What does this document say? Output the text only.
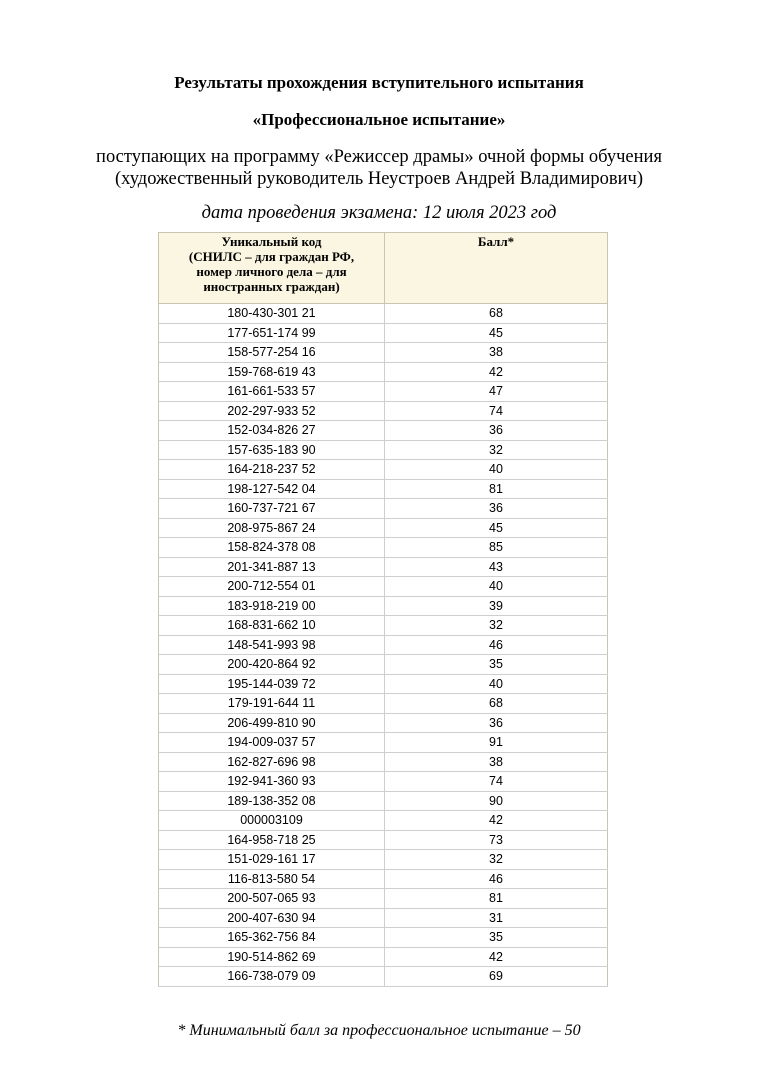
Результаты прохождения вступительного испытания

«Профессиональное испытание»

поступающих на программу «Режиссер драмы» очной формы обучения

(художественный руководитель Неустроев Андрей Владимирович)

дата проведения экзамена: 12 июля 2023 год

Уникальный код
(СНИЛС – для граждан РФ,
номер личного дела – для
иностранных граждан)	Балл*
180-430-301 21	68
177-651-174 99	45
158-577-254 16	38
159-768-619 43	42
161-661-533 57	47
202-297-933 52	74
152-034-826 27	36
157-635-183 90	32
164-218-237 52	40
198-127-542 04	81
160-737-721 67	36
208-975-867 24	45
158-824-378 08	85
201-341-887 13	43
200-712-554 01	40
183-918-219 00	39
168-831-662 10	32
148-541-993 98	46
200-420-864 92	35
195-144-039 72	40
179-191-644 11	68
206-499-810 90	36
194-009-037 57	91
162-827-696 98	38
192-941-360 93	74
189-138-352 08	90
000003109	42
164-958-718 25	73
151-029-161 17	32
116-813-580 54	46
200-507-065 93	81
200-407-630 94	31
165-362-756 84	35
190-514-862 69	42
166-738-079 09	69

* Минимальный балл за профессиональное испытание – 50
